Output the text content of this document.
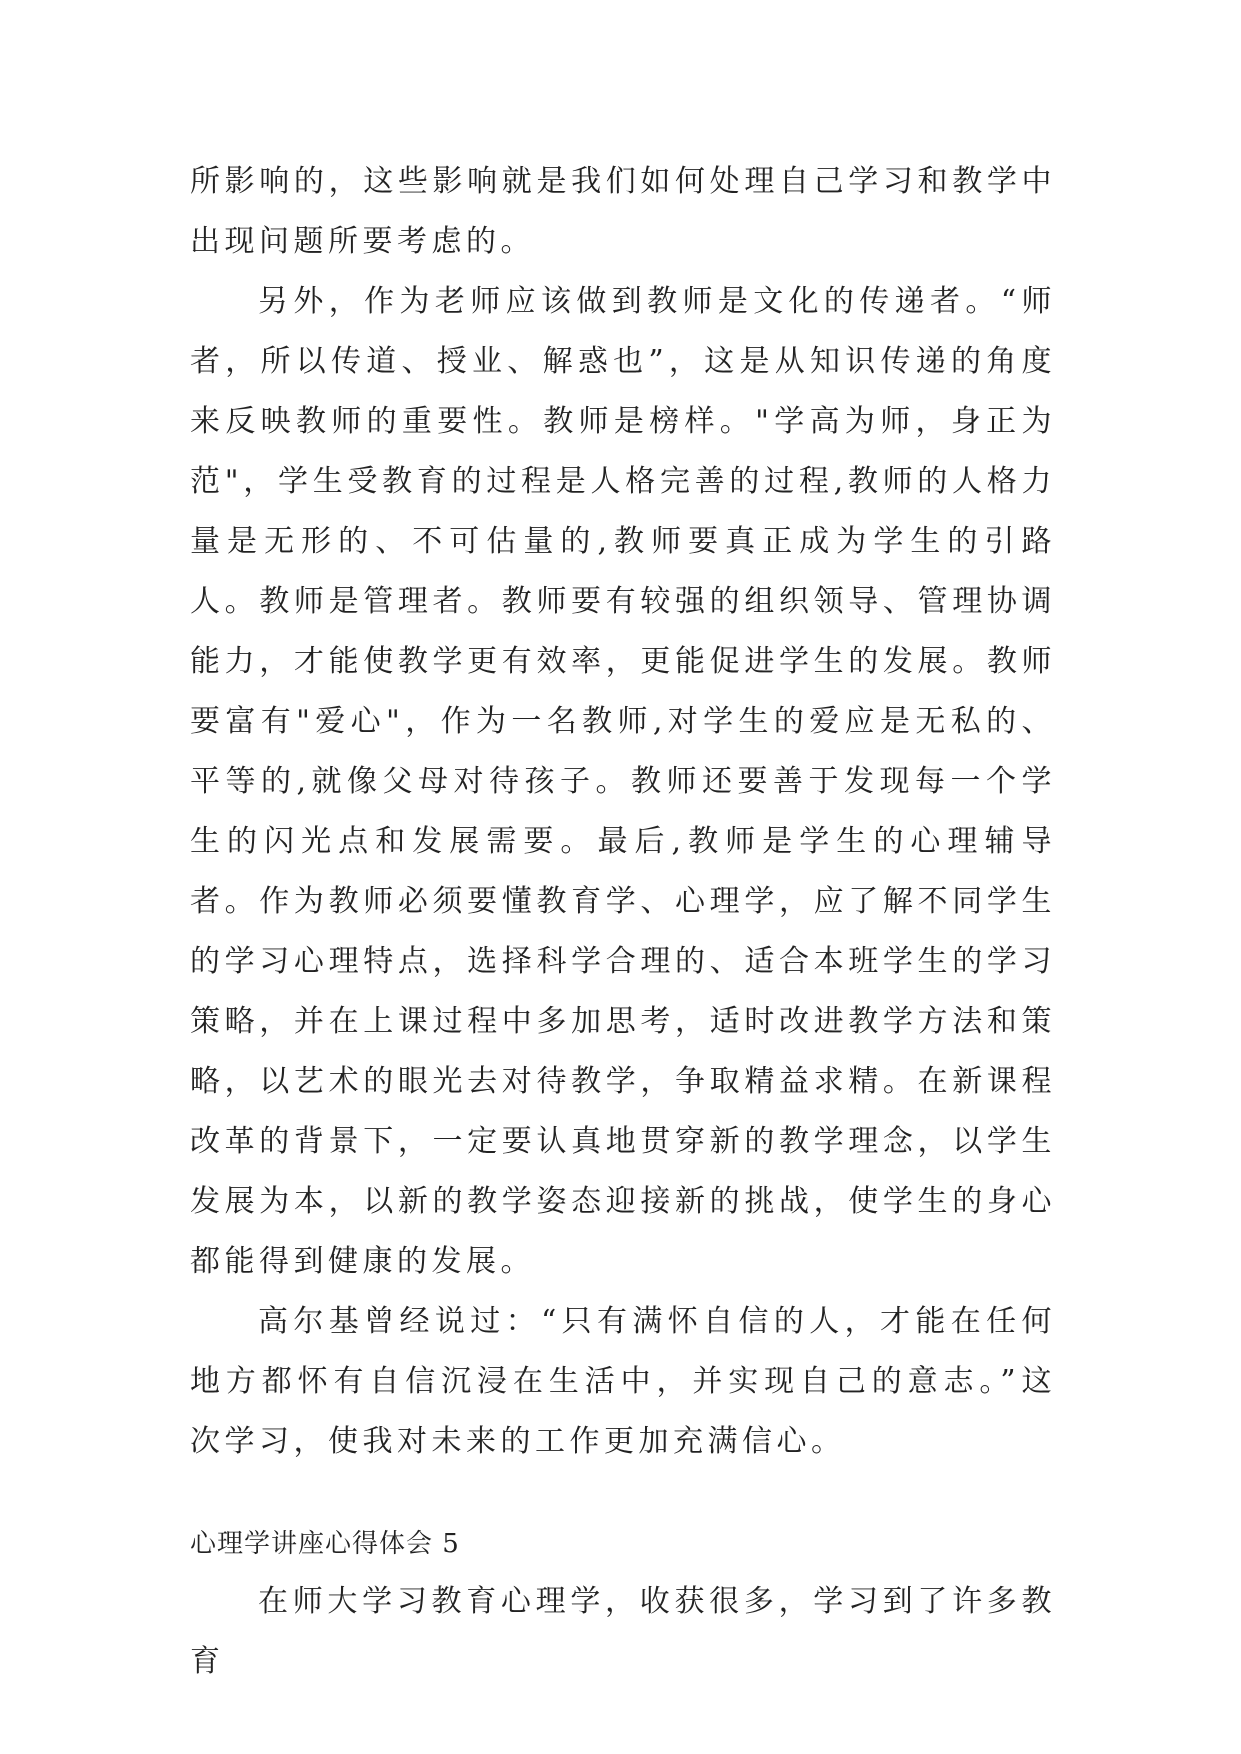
所影响的，这些影响就是我们如何处理自己学习和教学中出现问题所要考虑的。

另外，作为老师应该做到教师是文化的传递者。“师者，所以传道、授业、解惑也”，这是从知识传递的角度来反映教师的重要性。教师是榜样。"学高为师，身正为范"，学生受教育的过程是人格完善的过程,教师的人格力量是无形的、不可估量的,教师要真正成为学生的引路人。教师是管理者。教师要有较强的组织领导、管理协调能力，才能使教学更有效率，更能促进学生的发展。教师要富有"爱心"，作为一名教师,对学生的爱应是无私的、平等的,就像父母对待孩子。教师还要善于发现每一个学生的闪光点和发展需要。最后,教师是学生的心理辅导者。作为教师必须要懂教育学、心理学，应了解不同学生的学习心理特点，选择科学合理的、适合本班学生的学习策略，并在上课过程中多加思考，适时改进教学方法和策略，以艺术的眼光去对待教学，争取精益求精。在新课程改革的背景下，一定要认真地贯穿新的教学理念，以学生发展为本，以新的教学姿态迎接新的挑战，使学生的身心都能得到健康的发展。

高尔基曾经说过：“只有满怀自信的人，才能在任何地方都怀有自信沉浸在生活中，并实现自己的意志。”这次学习，使我对未来的工作更加充满信心。

心理学讲座心得体会 5

在师大学习教育心理学，收获很多，学习到了许多教育
